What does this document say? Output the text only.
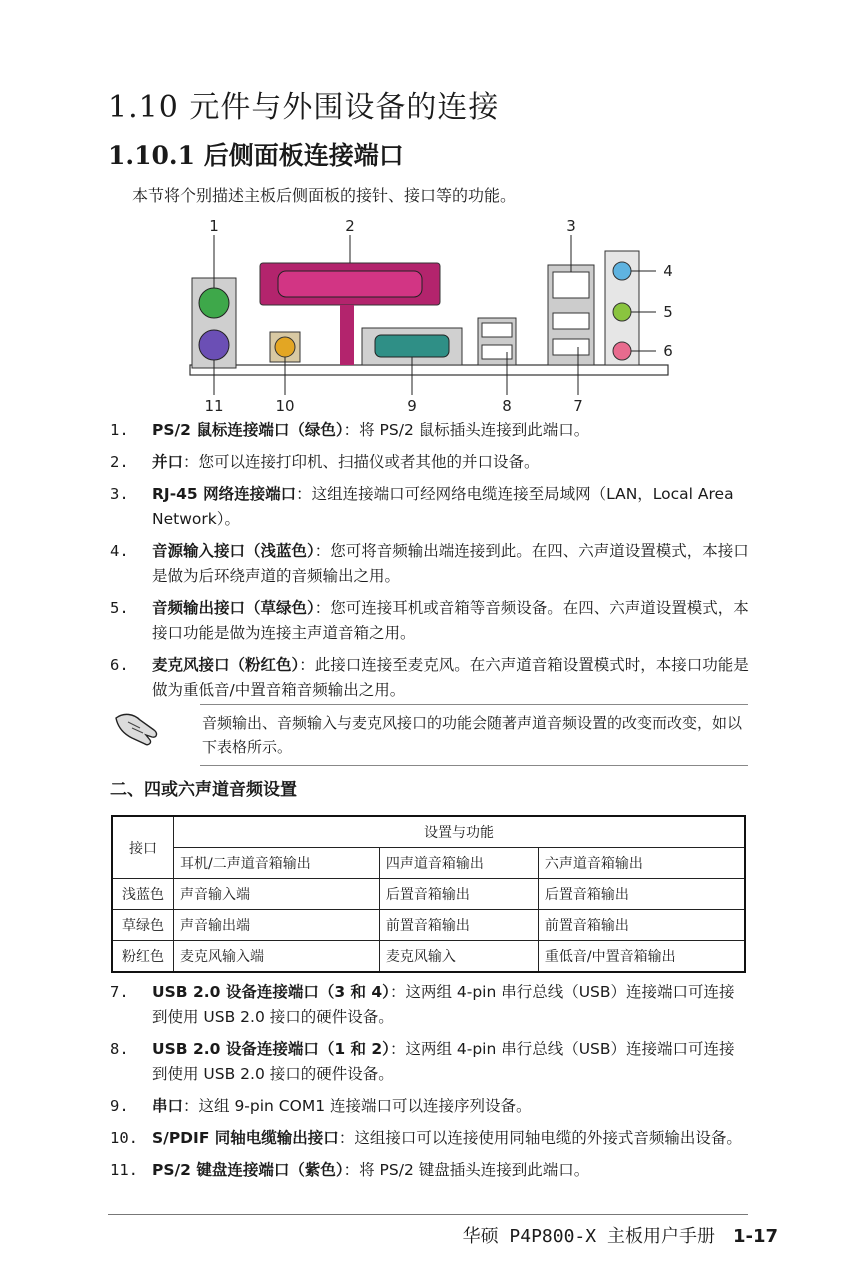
1.10 元件与外围设备的连接
1.10.1 后侧面板连接端口
本节将个别描述主板后侧面板的接针、接口等的功能。
1	2	3
4
5
6
11	10	9	8	7
1.	PS/2 鼠标连接端口（绿色）：将 PS/2 鼠标插头连接到此端口。
2.	并口：您可以连接打印机、扫描仪或者其他的并口设备。
3.	RJ-45 网络连接端口：这组连接端口可经网络电缆连接至局域网（LAN，Local Area Network）。
4.	音源输入接口（浅蓝色）：您可将音频输出端连接到此。在四、六声道设置模式，本接口是做为后环绕声道的音频输出之用。
5.	音频输出接口（草绿色）：您可连接耳机或音箱等音频设备。在四、六声道设置模式，本接口功能是做为连接主声道音箱之用。
6.	麦克风接口（粉红色）：此接口连接至麦克风。在六声道音箱设置模式时，本接口功能是做为重低音/中置音箱音频输出之用。
音频输出、音频输入与麦克风接口的功能会随著声道音频设置的改变而改变，如以下表格所示。
二、四或六声道音频设置
接口	设置与功能		
	耳机/二声道音箱输出	四声道音箱输出	六声道音箱输出
浅蓝色	声音输入端	后置音箱输出	后置音箱输出
草绿色	声音输出端	前置音箱输出	前置音箱输出
粉红色	麦克风输入端	麦克风输入	重低音/中置音箱输出
7.	USB 2.0 设备连接端口（3 和 4）：这两组 4-pin 串行总线（USB）连接端口可连接到使用 USB 2.0 接口的硬件设备。
8.	USB 2.0 设备连接端口（1 和 2）：这两组 4-pin 串行总线（USB）连接端口可连接到使用 USB 2.0 接口的硬件设备。
9.	串口：这组 9-pin COM1 连接端口可以连接序列设备。
10. S/PDIF 同轴电缆输出接口：这组接口可以连接使用同轴电缆的外接式音频输出设备。
11. PS/2 键盘连接端口（紫色）：将 PS/2 键盘插头连接到此端口。
华硕 P4P800-X 主板用户手册 1-17
